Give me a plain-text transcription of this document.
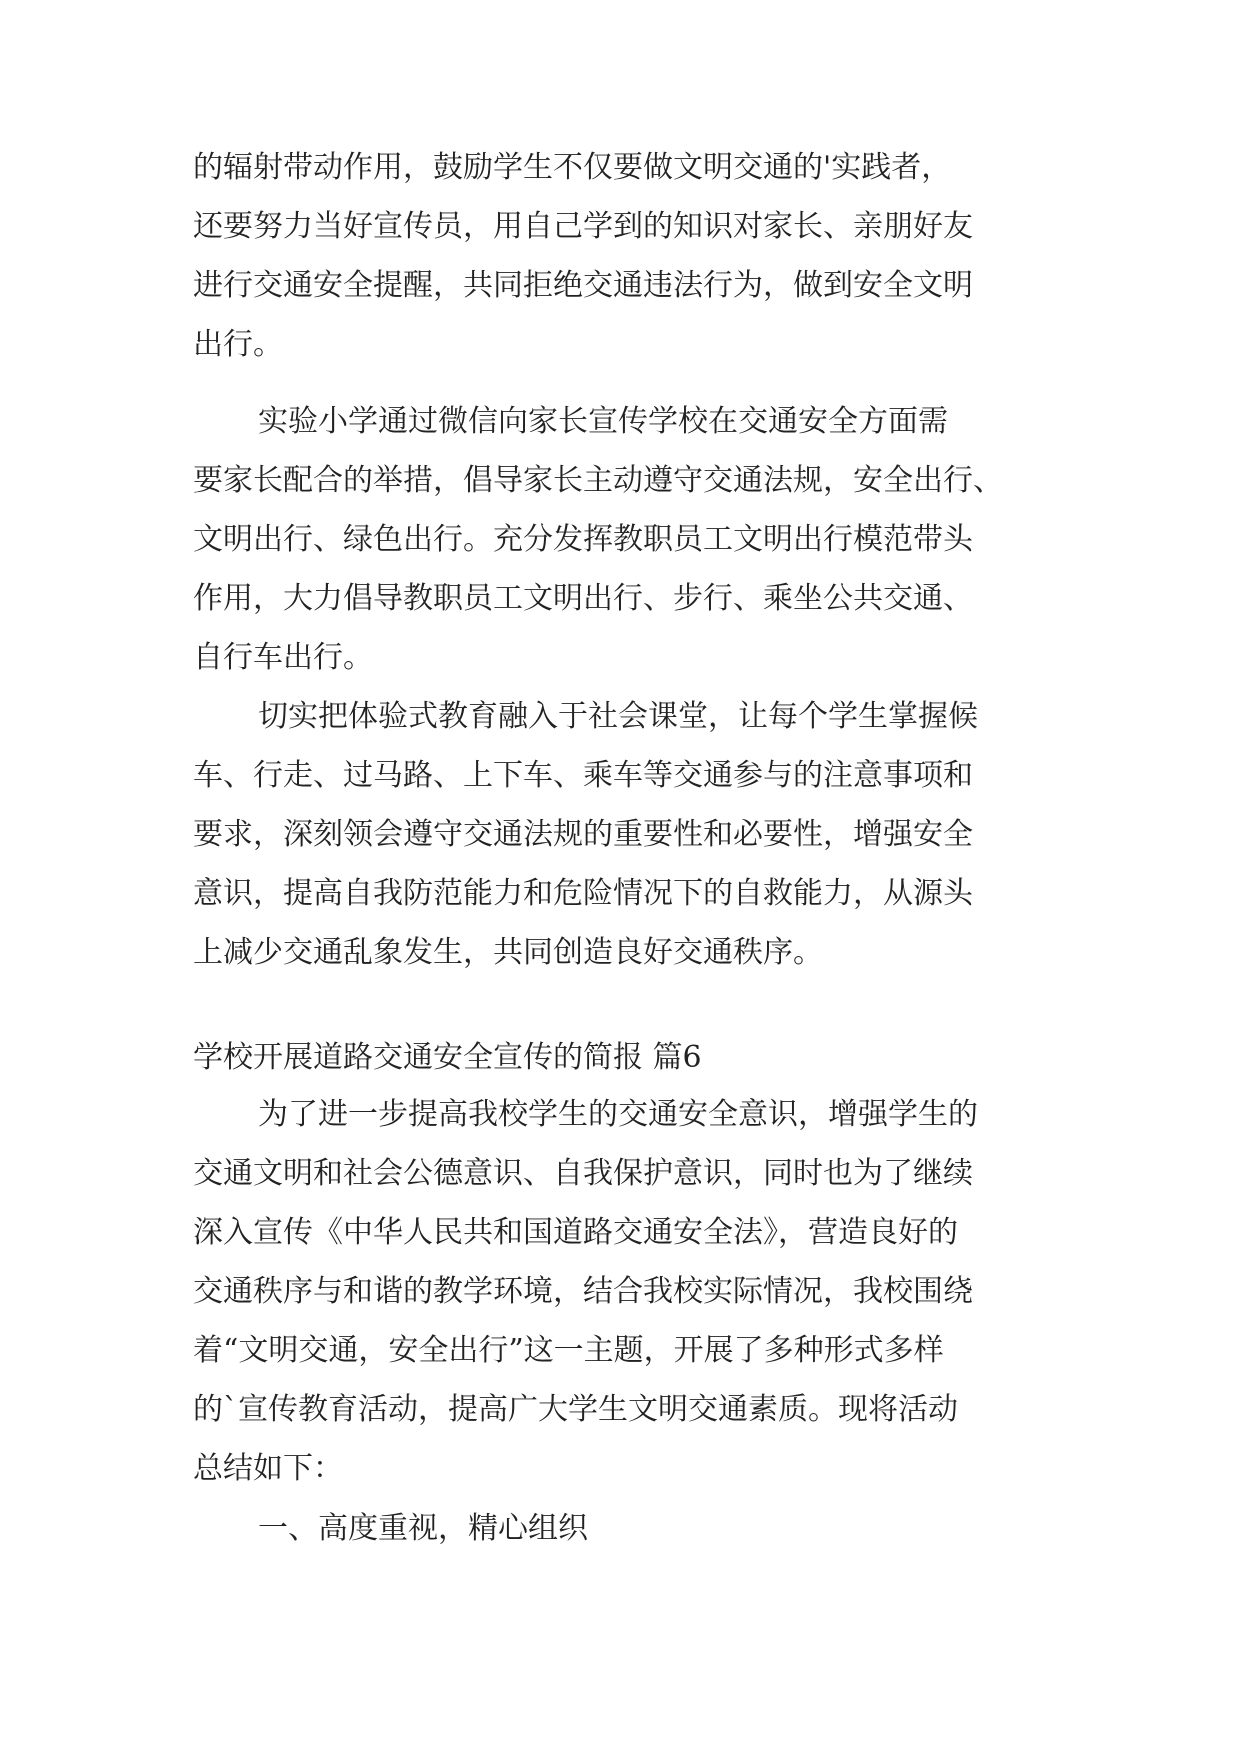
的辐射带动作用，鼓励学生不仅要做文明交通的'实践者，
还要努力当好宣传员，用自己学到的知识对家长、亲朋好友
进行交通安全提醒，共同拒绝交通违法行为，做到安全文明
出行。
实验小学通过微信向家长宣传学校在交通安全方面需
要家长配合的举措，倡导家长主动遵守交通法规，安全出行、
文明出行、绿色出行。充分发挥教职员工文明出行模范带头
作用，大力倡导教职员工文明出行、步行、乘坐公共交通、
自行车出行。
切实把体验式教育融入于社会课堂，让每个学生掌握候
车、行走、过马路、上下车、乘车等交通参与的注意事项和
要求，深刻领会遵守交通法规的重要性和必要性，增强安全
意识，提高自我防范能力和危险情况下的自救能力，从源头
上减少交通乱象发生，共同创造良好交通秩序。
学校开展道路交通安全宣传的简报 篇6
为了进一步提高我校学生的交通安全意识，增强学生的
交通文明和社会公德意识、自我保护意识，同时也为了继续
深入宣传《中华人民共和国道路交通安全法》，营造良好的
交通秩序与和谐的教学环境，结合我校实际情况，我校围绕
着“文明交通，安全出行”这一主题，开展了多种形式多样
的`宣传教育活动，提高广大学生文明交通素质。现将活动
总结如下：
一、高度重视，精心组织
